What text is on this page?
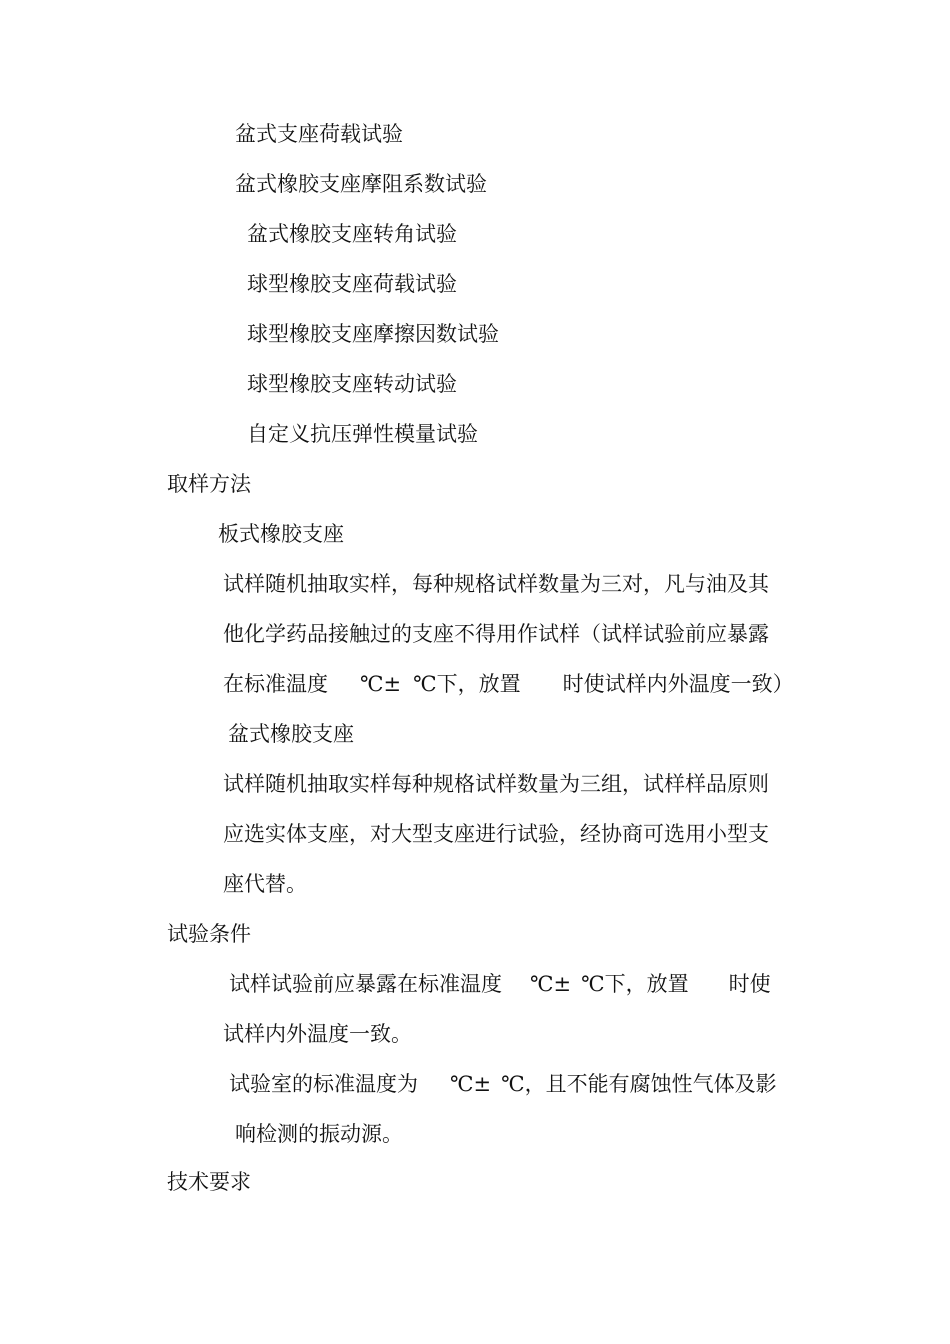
盆式支座荷载试验
盆式橡胶支座摩阻系数试验
盆式橡胶支座转角试验
球型橡胶支座荷载试验
球型橡胶支座摩擦因数试验
球型橡胶支座转动试验
自定义抗压弹性模量试验
取样方法
板式橡胶支座
试样随机抽取实样，每种规格试样数量为三对，凡与油及其
他化学药品接触过的支座不得用作试样（试样试验前应暴露
在标准温度 ℃± ℃下，放置 时使试样内外温度一致）
盆式橡胶支座
试样随机抽取实样每种规格试样数量为三组，试样样品原则
应选实体支座，对大型支座进行试验，经协商可选用小型支
座代替。
试验条件
试样试验前应暴露在标准温度 ℃± ℃下，放置 时使
试样内外温度一致。
试验室的标准温度为 ℃± ℃，且不能有腐蚀性气体及影
响检测的振动源。
技术要求
